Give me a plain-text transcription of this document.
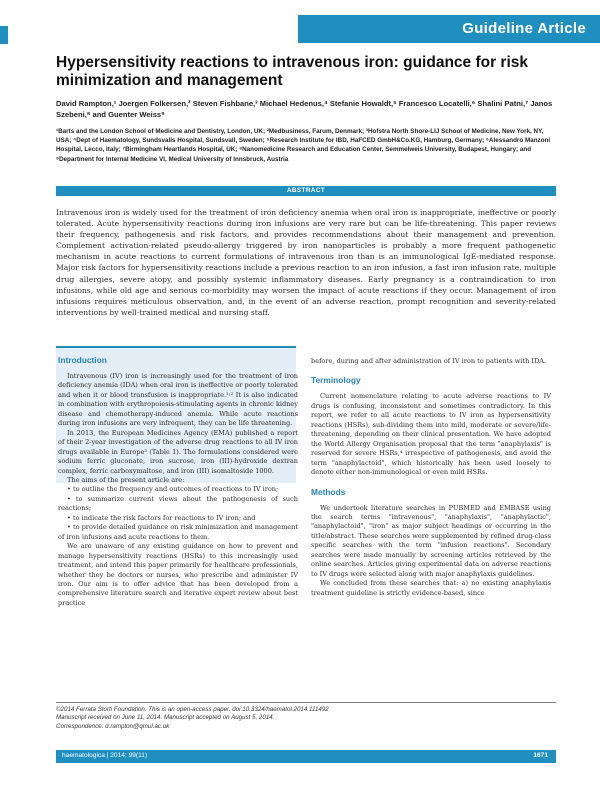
Guideline Article
Hypersensitivity reactions to intravenous iron: guidance for risk minimization and management
David Rampton,¹ Joergen Folkersen,² Steven Fishbane,³ Michael Hedenus,⁴ Stefanie Howaldt,⁵ Francesco Locatelli,⁶ Shalini Patni,⁷ Janos Szebeni,⁸ and Guenter Weiss⁹
¹Barts and the London School of Medicine and Dentistry, London, UK; ²Medbusiness, Farum, Denmark; ³Hofstra North Shore-LIJ School of Medicine, New York, NY, USA; ⁴Dept of Haematology, Sundsvalls Hospital, Sundsvall, Sweden; ⁵Research Institute for IBD, HaFCED GmbH&Co.KG, Hamburg, Germany; ⁶Alessandro Manzoni Hospital, Lecco, Italy; ⁷Birmingham Heartlands Hospital, UK; ⁸Nanomedicine Research and Education Center, Semmelweis University, Budapest, Hungary; and ⁹Department for Internal Medicine VI, Medical University of Innsbruck, Austria
ABSTRACT
Intravenous iron is widely used for the treatment of iron deficiency anemia when oral iron is inappropriate, ineffective or poorly tolerated. Acute hypersensitivity reactions during iron infusions are very rare but can be life-threatening. This paper reviews their frequency, pathogenesis and risk factors, and provides recommendations about their management and prevention. Complement activation-related pseudo-allergy triggered by iron nanoparticles is probably a more frequent pathogenetic mechanism in acute reactions to current formulations of intravenous iron than is an immunological IgE-mediated response. Major risk factors for hypersensitivity reactions include a previous reaction to an iron infusion, a fast iron infusion rate, multiple drug allergies, severe atopy, and possibly systemic inflammatory diseases. Early pregnancy is a contraindication to iron infusions, while old age and serious co-morbidity may worsen the impact of acute reactions if they occur. Management of iron infusions requires meticulous observation, and, in the event of an adverse reaction, prompt recognition and severity-related interventions by well-trained medical and nursing staff.
Introduction

Intravenous (IV) iron is increasingly used for the treatment of iron deficiency anemia (IDA) when oral iron is ineffective or poorly tolerated and when it or blood transfusion is inappropriate.¹˒² It is also indicated in combination with erythropoiesis-stimulating agents in chronic kidney disease and chemotherapy-induced anemia. While acute reactions during iron infusions are very infrequent, they can be life threatening.

In 2013, the European Medicines Agency (EMA) published a report of their 2-year investigation of the adverse drug reactions to all IV iron drugs available in Europe³ (Table 1). The formulations considered were sodium ferric gluconate, iron sucrose, iron (III)-hydroxide dextran complex, ferric carboxymaltose, and iron (III) isomaltoside 1000.

The aims of the present article are:

• to outline the frequency and outcomes of reactions to IV iron;

• to summarize current views about the pathogenesis of such reactions;

• to indicate the risk factors for reactions to IV iron; and

• to provide detailed guidance on risk minimization and management of iron infusions and acute reactions to them.

We are unaware of any existing guidance on how to prevent and manage hypersensitivity reactions (HSRs) to this increasingly used treatment, and intend this paper primarily for healthcare professionals, whether they be doctors or nurses, who prescribe and administer IV iron. Our aim is to offer advice that has been developed from a comprehensive literature search and iterative expert review about best practice

before, during and after administration of IV iron to patients with IDA.

Terminology

Current nomenclature relating to acute adverse reactions to IV drugs is confusing, inconsistent and sometimes contradictory. In this report, we refer to all acute reactions to IV iron as hypersensitivity reactions (HSRs), sub-dividing them into mild, moderate or severe/life-threatening, depending on their clinical presentation. We have adopted the World Allergy Organisation proposal that the term "anaphylaxis" is reserved for severe HSRs,⁴ irrespective of pathogenesis, and avoid the term "anaphylactoid", which historically has been used loosely to denote either non-immunological or even mild HSRs.

Methods

We undertook literature searches in PUBMED and EMBASE using the search terms "intravenous", "anaphylaxis", "anaphylactic", "anaphylactoid", "iron" as major subject headings or occurring in the title/abstract. These searches were supplemented by refined drug-class specific searches with the term "infusion reactions". Secondary searches were made manually by screening articles retrieved by the online searches. Articles giving experimental data on adverse reactions to IV drugs were selected along with major anaphylaxis guidelines.

We concluded from these searches that: a) no existing anaphylaxis treatment guideline is strictly evidence-based, since

©2014 Ferrata Storti Foundation. This is an open-access paper. doi:10.3324/haematol.2014.111492
Manuscript received on June 11, 2014. Manuscript accepted on August 5, 2014.
Correspondence: d.rampton@qmul.ac.uk
haematologica | 2014; 99(11)	1671
